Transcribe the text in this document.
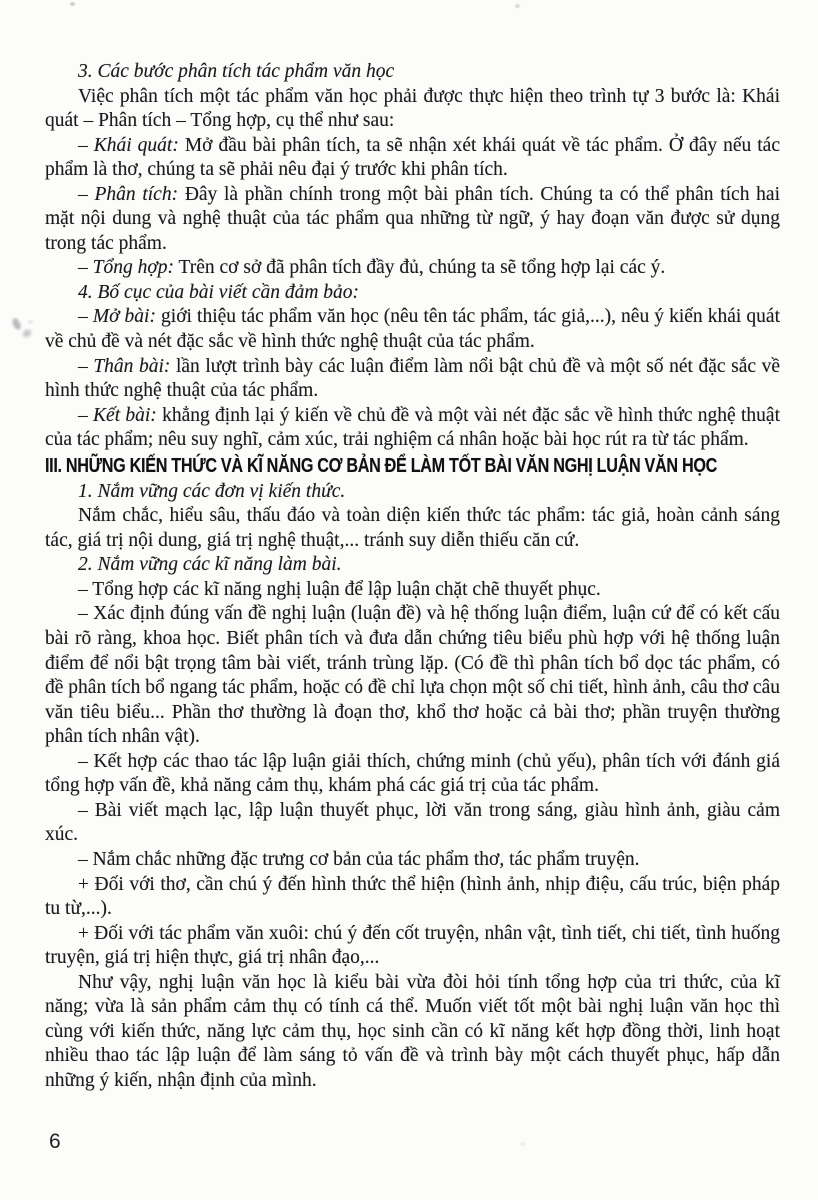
3. Các bước phân tích tác phẩm văn học

Việc phân tích một tác phẩm văn học phải được thực hiện theo trình tự 3 bước là: Khái quát – Phân tích – Tổng hợp, cụ thể như sau:

– Khái quát: Mở đầu bài phân tích, ta sẽ nhận xét khái quát về tác phẩm. Ở đây nếu tác phẩm là thơ, chúng ta sẽ phải nêu đại ý trước khi phân tích.

– Phân tích: Đây là phần chính trong một bài phân tích. Chúng ta có thể phân tích hai mặt nội dung và nghệ thuật của tác phẩm qua những từ ngữ, ý hay đoạn văn được sử dụng trong tác phẩm.

– Tổng hợp: Trên cơ sở đã phân tích đầy đủ, chúng ta sẽ tổng hợp lại các ý.

4. Bố cục của bài viết cần đảm bảo:

– Mở bài: giới thiệu tác phẩm văn học (nêu tên tác phẩm, tác giả,...), nêu ý kiến khái quát về chủ đề và nét đặc sắc về hình thức nghệ thuật của tác phẩm.

– Thân bài: lần lượt trình bày các luận điểm làm nổi bật chủ đề và một số nét đặc sắc về hình thức nghệ thuật của tác phẩm.

– Kết bài: khẳng định lại ý kiến về chủ đề và một vài nét đặc sắc về hình thức nghệ thuật của tác phẩm; nêu suy nghĩ, cảm xúc, trải nghiệm cá nhân hoặc bài học rút ra từ tác phẩm.

III. NHỮNG KIẾN THỨC VÀ KĨ NĂNG CƠ BẢN ĐỂ LÀM TỐT BÀI VĂN NGHỊ LUẬN VĂN HỌC

1. Nắm vững các đơn vị kiến thức.

Nắm chắc, hiểu sâu, thấu đáo và toàn diện kiến thức tác phẩm: tác giả, hoàn cảnh sáng tác, giá trị nội dung, giá trị nghệ thuật,... tránh suy diễn thiếu căn cứ.

2. Nắm vững các kĩ năng làm bài.

– Tổng hợp các kĩ năng nghị luận để lập luận chặt chẽ thuyết phục.

– Xác định đúng vấn đề nghị luận (luận đề) và hệ thống luận điểm, luận cứ để có kết cấu bài rõ ràng, khoa học. Biết phân tích và đưa dẫn chứng tiêu biểu phù hợp với hệ thống luận điểm để nổi bật trọng tâm bài viết, tránh trùng lặp. (Có đề thì phân tích bổ dọc tác phẩm, có đề phân tích bổ ngang tác phẩm, hoặc có đề chỉ lựa chọn một số chi tiết, hình ảnh, câu thơ câu văn tiêu biểu... Phần thơ thường là đoạn thơ, khổ thơ hoặc cả bài thơ; phần truyện thường phân tích nhân vật).

– Kết hợp các thao tác lập luận giải thích, chứng minh (chủ yếu), phân tích với đánh giá tổng hợp vấn đề, khả năng cảm thụ, khám phá các giá trị của tác phẩm.

– Bài viết mạch lạc, lập luận thuyết phục, lời văn trong sáng, giàu hình ảnh, giàu cảm xúc.

– Nắm chắc những đặc trưng cơ bản của tác phẩm thơ, tác phẩm truyện.

+ Đối với thơ, cần chú ý đến hình thức thể hiện (hình ảnh, nhịp điệu, cấu trúc, biện pháp tu từ,...).

+ Đối với tác phẩm văn xuôi: chú ý đến cốt truyện, nhân vật, tình tiết, chi tiết, tình huống truyện, giá trị hiện thực, giá trị nhân đạo,...

Như vậy, nghị luận văn học là kiểu bài vừa đòi hỏi tính tổng hợp của tri thức, của kĩ năng; vừa là sản phẩm cảm thụ có tính cá thể. Muốn viết tốt một bài nghị luận văn học thì cùng với kiến thức, năng lực cảm thụ, học sinh cần có kĩ năng kết hợp đồng thời, linh hoạt nhiều thao tác lập luận để làm sáng tỏ vấn đề và trình bày một cách thuyết phục, hấp dẫn những ý kiến, nhận định của mình.

6
